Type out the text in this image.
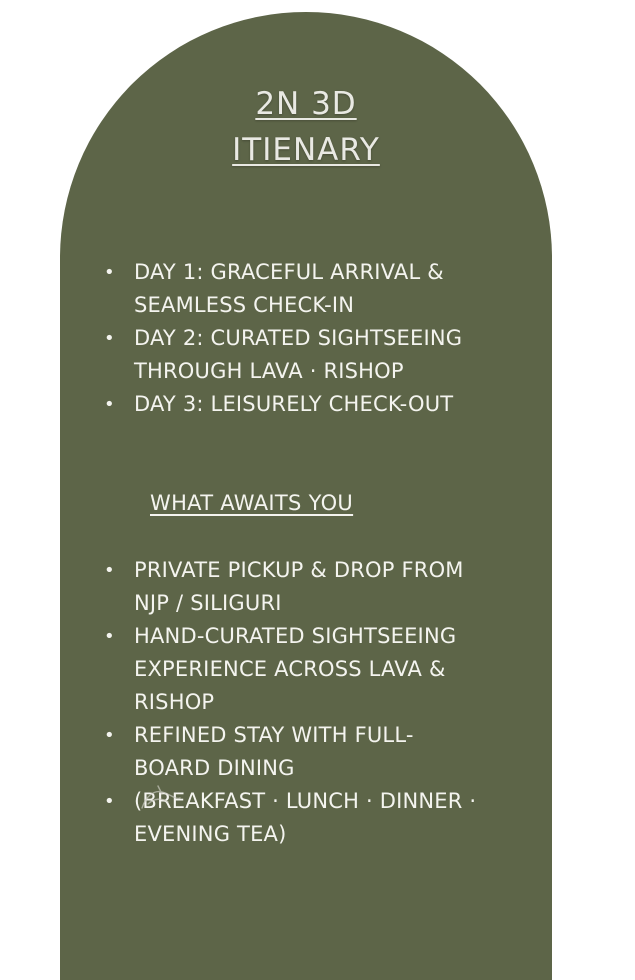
2N 3D
ITIENARY
• DAY 1: GRACEFUL ARRIVAL &
SEAMLESS CHECK-IN
• DAY 2: CURATED SIGHTSEEING
THROUGH LAVA · RISHOP
• DAY 3: LEISURELY CHECK-OUT
WHAT AWAITS YOU
• PRIVATE PICKUP & DROP FROM
NJP / SILIGURI
• HAND-CURATED SIGHTSEEING
EXPERIENCE ACROSS LAVA &
RISHOP
• REFINED STAY WITH FULL-
BOARD DINING
• (BREAKFAST · LUNCH · DINNER ·
EVENING TEA)
